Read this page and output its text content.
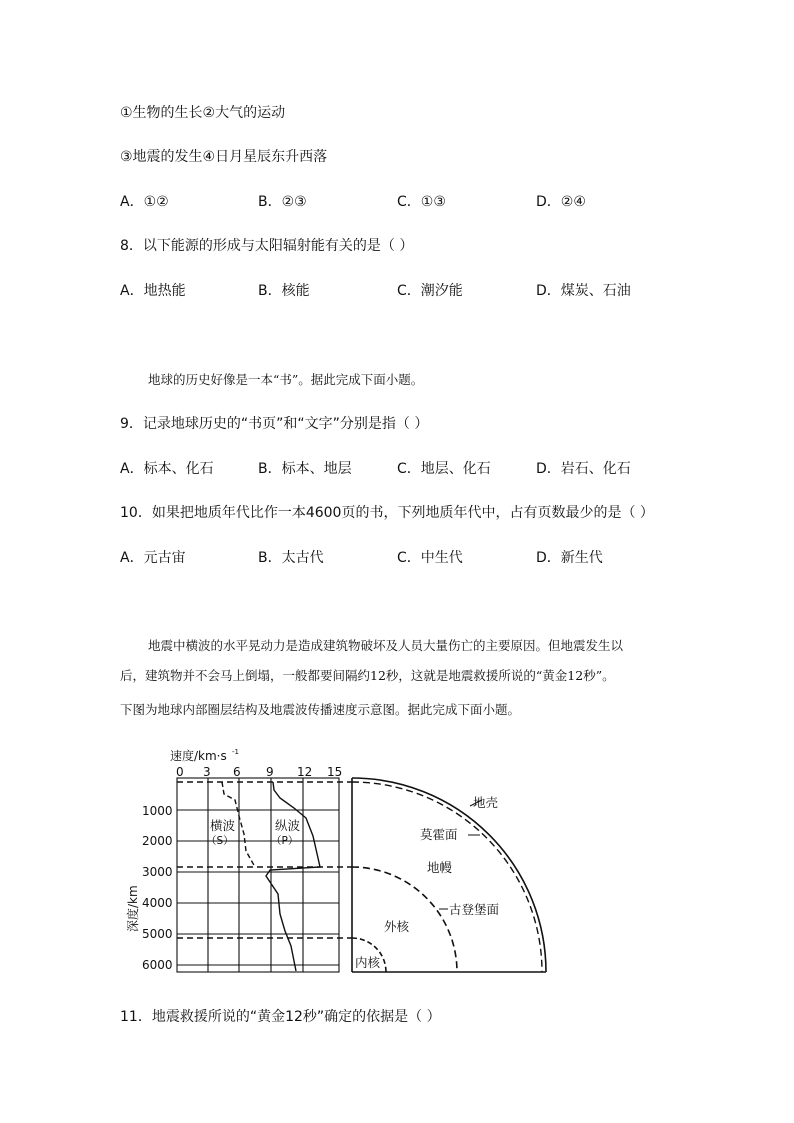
①生物的生长②大气的运动
③地震的发生④日月星辰东升西落
A．①②	B．②③	C．①③	D．②④
8．以下能源的形成与太阳辐射能有关的是（ ）
A．地热能	B．核能	C．潮汐能	D．煤炭、石油
地球的历史好像是一本“书”。据此完成下面小题。
9．记录地球历史的“书页”和“文字”分别是指（ ）
A．标本、化石	B．标本、地层	C．地层、化石	D．岩石、化石
10．如果把地质年代比作一本4600页的书，下列地质年代中，占有页数最少的是（ ）
A．元古宙	B．太古代	C．中生代	D．新生代
地震中横波的水平晃动力是造成建筑物破坏及人员大量伤亡的主要原因。但地震发生以
后，建筑物并不会马上倒塌，一般都要间隔约12秒，这就是地震救援所说的“黄金12秒”。
下图为地球内部圈层结构及地震波传播速度示意图。据此完成下面小题。
速度/km·s -1
0 3 6 9 12 15
深度/km
1000
2000
3000
4000
5000
6000
横波
（S）
纵波
（P）
地壳
莫霍面
地幔
古登堡面
外核
内核
11．地震救援所说的“黄金12秒”确定的依据是（ ）
